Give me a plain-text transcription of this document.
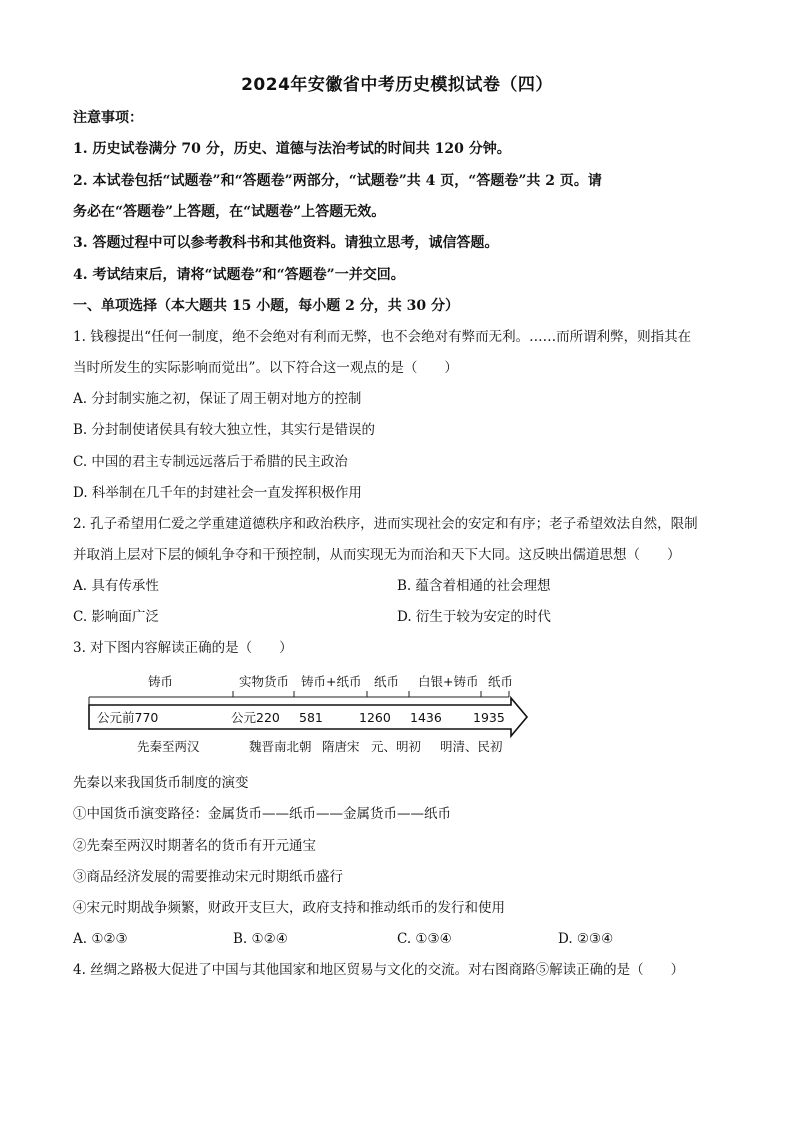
2024年安徽省中考历史模拟试卷（四）
注意事项：
1. 历史试卷满分 70 分，历史、道德与法治考试的时间共 120 分钟。
2. 本试卷包括“试题卷”和“答题卷”两部分，“试题卷”共 4 页，“答题卷”共 2 页。请
务必在“答题卷”上答题，在“试题卷”上答题无效。
3. 答题过程中可以参考教科书和其他资料。请独立思考，诚信答题。
4. 考试结束后，请将“试题卷”和“答题卷”一并交回。
一、单项选择（本大题共 15 小题，每小题 2 分，共 30 分）
1. 钱穆提出“任何一制度，绝不会绝对有利而无弊，也不会绝对有弊而无利。……而所谓利弊，则指其在
当时所发生的实际影响而觉出”。以下符合这一观点的是（　　）
A. 分封制实施之初，保证了周王朝对地方的控制
B. 分封制使诸侯具有较大独立性，其实行是错误的
C. 中国的君主专制远远落后于希腊的民主政治
D. 科举制在几千年的封建社会一直发挥积极作用
2. 孔子希望用仁爱之学重建道德秩序和政治秩序，进而实现社会的安定和有序；老子希望效法自然，限制
并取消上层对下层的倾轧争夺和干预控制，从而实现无为而治和天下大同。这反映出儒道思想（　　）
A. 具有传承性	B. 蕴含着相通的社会理想
C. 影响面广泛	D. 衍生于较为安定的时代
3. 对下图内容解读正确的是（　　）
铸币	实物货币 铸币+纸币 纸币 白银+铸币 纸币
公元前770	公元220 581	1260 1436 1935
先秦至两汉	魏晋南北朝 隋唐宋 元、明初 明清、民初
先秦以来我国货币制度的演变
①中国货币演变路径：金属货币——纸币——金属货币——纸币
②先秦至两汉时期著名的货币有开元通宝
③商品经济发展的需要推动宋元时期纸币盛行
④宋元时期战争频繁，财政开支巨大，政府支持和推动纸币的发行和使用
A. ①②③	B. ①②④	C. ①③④	D. ②③④
4. 丝绸之路极大促进了中国与其他国家和地区贸易与文化的交流。对右图商路⑤解读正确的是（　　）
